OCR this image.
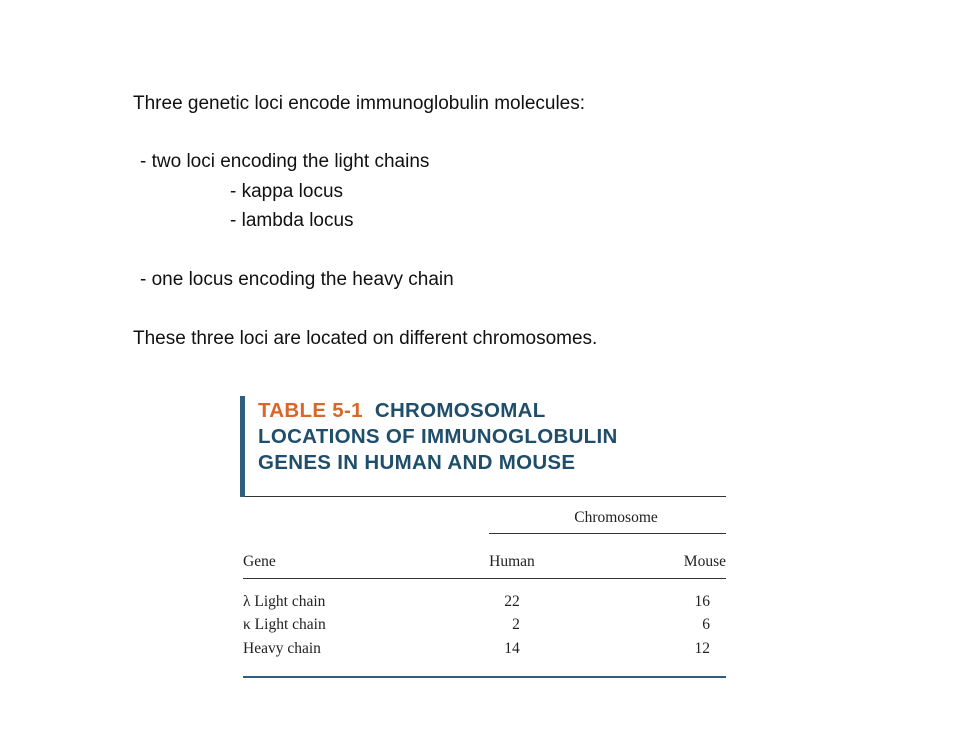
Three genetic loci encode immunoglobulin molecules:
- two loci encoding the light chains
- kappa locus
- lambda locus
- one locus encoding the heavy chain
These three loci are located on different chromosomes.
TABLE 5-1 CHROMOSOMAL
LOCATIONS OF IMMUNOGLOBULIN
GENES IN HUMAN AND MOUSE
Chromosome
Gene	Human	Mouse
λ Light chain	22	16
κ Light chain	2	6
Heavy chain	14	12
